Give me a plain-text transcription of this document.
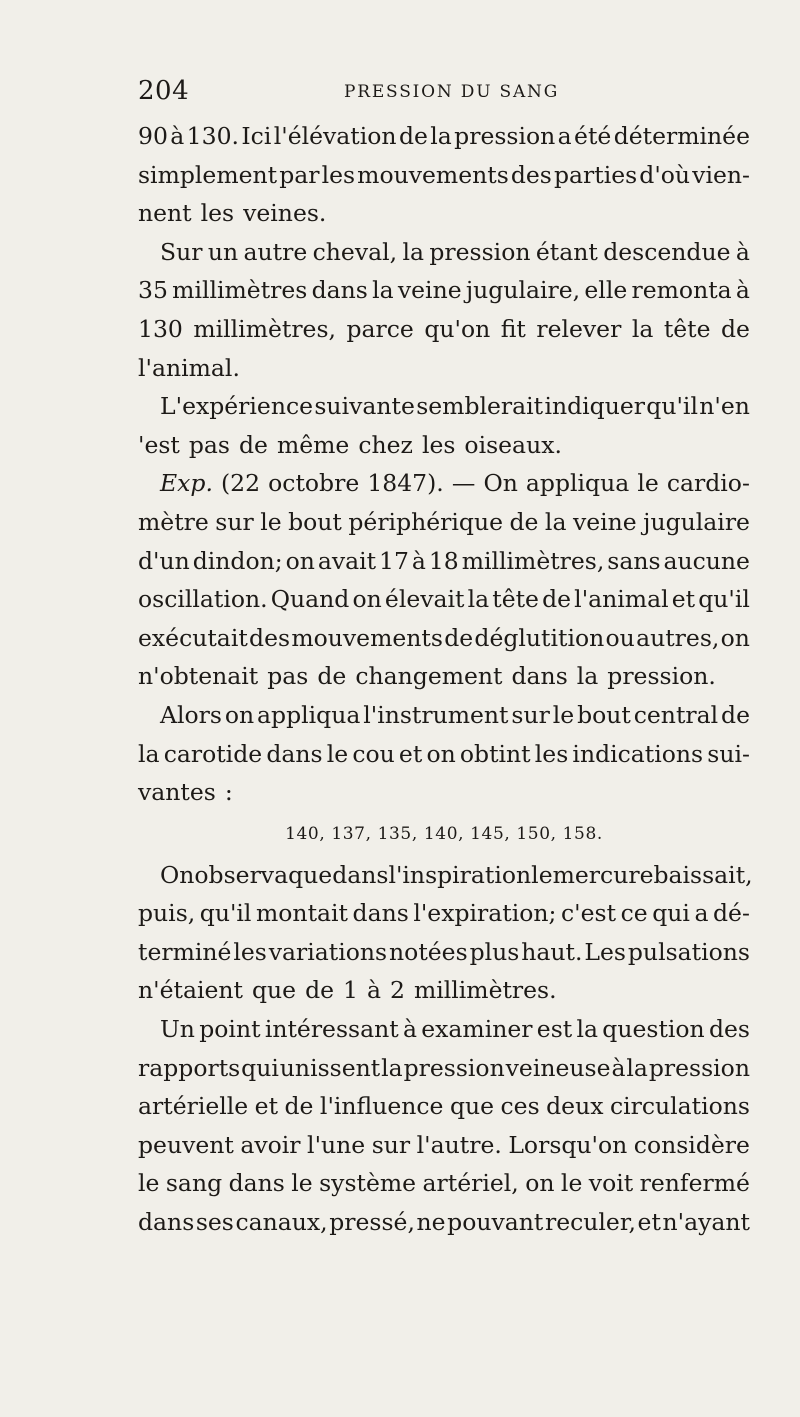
204	PRESSION DU SANG
90 à 130. Ici l'élévation de la pression a été déterminée
simplement par les mouvements des parties d'où vien-
nent les veines.
Sur un autre cheval, la pression étant descendue à
35 millimètres dans la veine jugulaire, elle remonta à
130 millimètres, parce qu'on fit relever la tête de
l'animal.
L'expérience suivante semblerait indiquer qu'il n'en
'est pas de même chez les oiseaux.
Exp. (22 octobre 1847). — On appliqua le cardio-
mètre sur le bout périphérique de la veine jugulaire
d'un dindon; on avait 17 à 18 millimètres, sans aucune
oscillation. Quand on élevait la tête de l'animal et qu'il
exécutait des mouvements de déglutition ou autres, on
n'obtenait pas de changement dans la pression.
Alors on appliqua l'instrument sur le bout central de
la carotide dans le cou et on obtint les indications sui-
vantes :
140, 137, 135, 140, 145, 150, 158.
On observa que dans l'inspiration le mercure baissait,
puis, qu'il montait dans l'expiration; c'est ce qui a dé-
terminé les variations notées plus haut. Les pulsations
n'étaient que de 1 à 2 millimètres.
Un point intéressant à examiner est la question des
rapports qui unissent la pression veineuse à la pression
artérielle et de l'influence que ces deux circulations
peuvent avoir l'une sur l'autre. Lorsqu'on considère
le sang dans le système artériel, on le voit renfermé
dans ses canaux, pressé, ne pouvant reculer, et n'ayant
